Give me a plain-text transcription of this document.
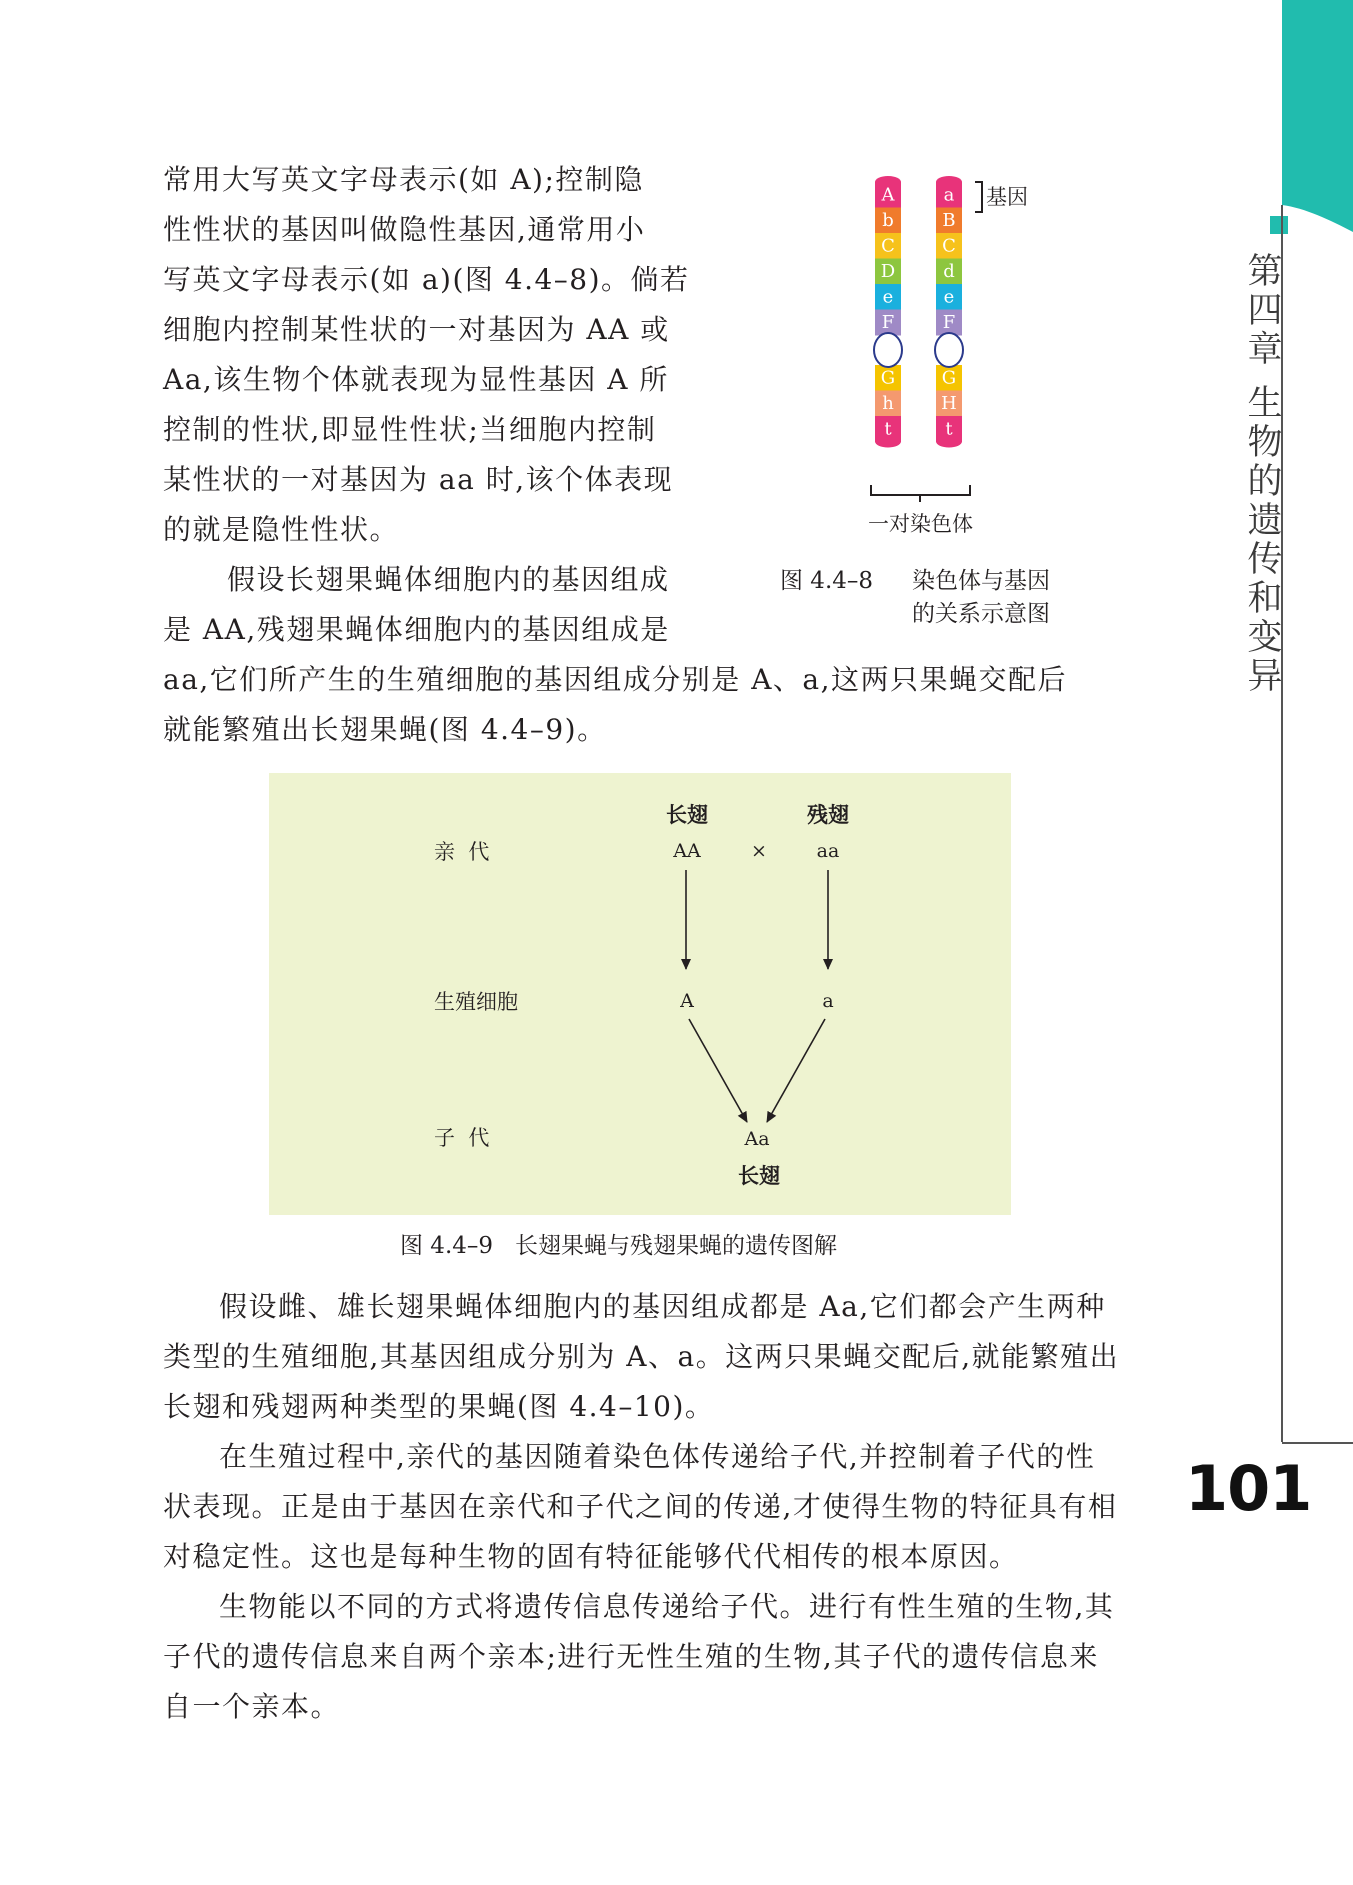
第四章 生物的遗传和变异
101

常用大写英文字母表示(如 A);控制隐

性性状的基因叫做隐性基因,通常用小

写英文字母表示(如 a)(图 4.4–8)。倘若

细胞内控制某性状的一对基因为 AA 或

Aa,该生物个体就表现为显性基因 A 所

控制的性状,即显性性状;当细胞内控制

某性状的一对基因为 aa 时,该个体表现

的就是隐性性状。

假设长翅果蝇体细胞内的基因组成

是 AA,残翅果蝇体细胞内的基因组成是

aa,它们所产生的生殖细胞的基因组成分别是 A、a,这两只果蝇交配后

就能繁殖出长翅果蝇(图 4.4–9)。

A
b
C
D
e
F
G
h
t
a
B
C
d
e
F
G
H
t
基因
一对染色体
图 4.4–8	染色体与基因
的关系示意图
亲  代
生殖细胞
子  代
长翅	残翅
AA	×	aa
A	a
Aa
长翅
图 4.4–9   长翅果蝇与残翅果蝇的遗传图解

假设雌、雄长翅果蝇体细胞内的基因组成都是 Aa,它们都会产生两种类型的生殖细胞,其基因组成分别为 A、a。这两只果蝇交配后,就能繁殖出长翅和残翅两种类型的果蝇(图 4.4–10)。

在生殖过程中,亲代的基因随着染色体传递给子代,并控制着子代的性状表现。正是由于基因在亲代和子代之间的传递,才使得生物的特征具有相对稳定性。这也是每种生物的固有特征能够代代相传的根本原因。

生物能以不同的方式将遗传信息传递给子代。进行有性生殖的生物,其子代的遗传信息来自两个亲本;进行无性生殖的生物,其子代的遗传信息来自一个亲本。
